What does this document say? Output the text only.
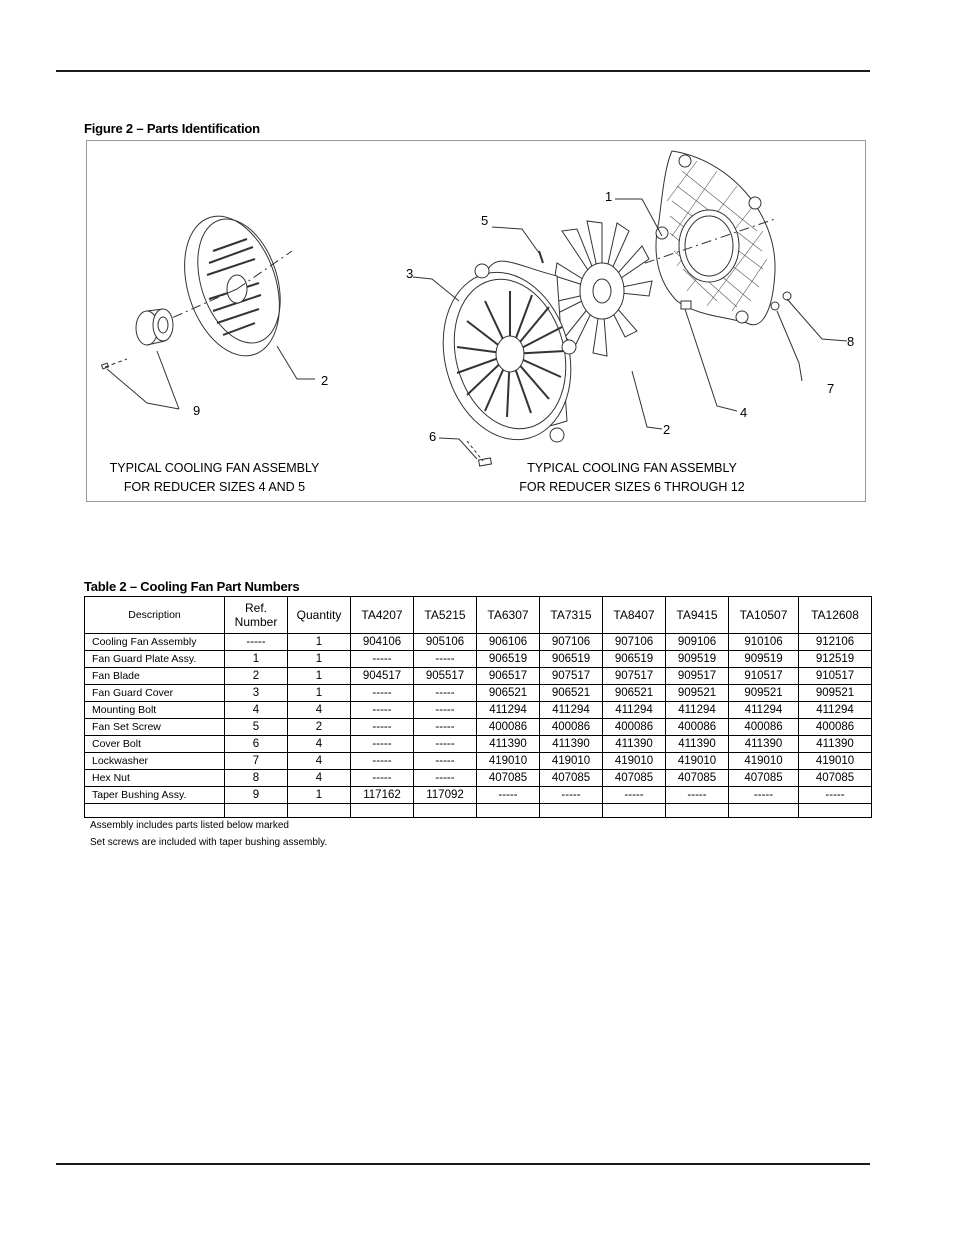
Figure 2 – Parts Identification
2
9
1
5
3
8
7
4
2
6
TYPICAL COOLING FAN ASSEMBLY
FOR REDUCER SIZES 4 AND 5
TYPICAL COOLING FAN ASSEMBLY
FOR REDUCER SIZES 6 THROUGH 12
Table 2 – Cooling Fan Part Numbers
Description	Ref. Number	Quantity	TA4207	TA5215	TA6307	TA7315	TA8407	TA9415	TA10507	TA12608
Cooling Fan Assembly	-----	1	904106	905106	906106	907106	907106	909106	910106	912106
Fan Guard Plate Assy.	1	1	-----	-----	906519	906519	906519	909519	909519	912519
Fan Blade	2	1	904517	905517	906517	907517	907517	909517	910517	910517
Fan Guard Cover	3	1	-----	-----	906521	906521	906521	909521	909521	909521
Mounting Bolt	4	4	-----	-----	411294	411294	411294	411294	411294	411294
Fan Set Screw	5	2	-----	-----	400086	400086	400086	400086	400086	400086
Cover Bolt	6	4	-----	-----	411390	411390	411390	411390	411390	411390
Lockwasher	7	4	-----	-----	419010	419010	419010	419010	419010	419010
Hex Nut	8	4	-----	-----	407085	407085	407085	407085	407085	407085
Taper Bushing Assy.	9	1	117162	117092	-----	-----	-----	-----	-----	-----

Assembly includes parts listed below marked
Set screws are included with taper bushing assembly.
